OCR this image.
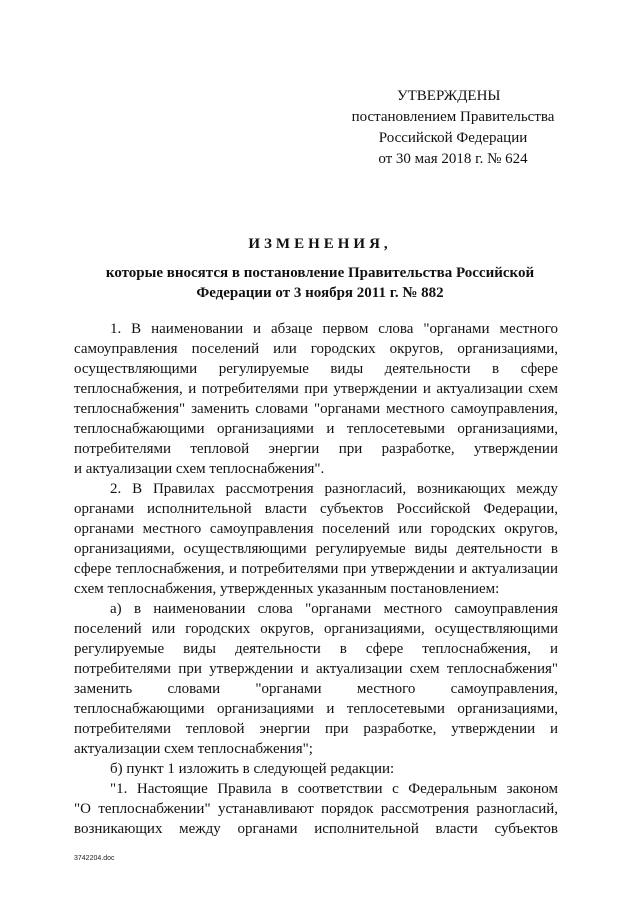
УТВЕРЖДЕНЫ
постановлением Правительства
Российской Федерации
от 30 мая 2018 г. № 624
ИЗМЕНЕНИЯ,
которые вносятся в постановление Правительства Российской
Федерации от 3 ноября 2011 г. № 882
1. В наименовании и абзаце первом слова "органами местного
самоуправления поселений или городских округов, организациями,
осуществляющими регулируемые виды деятельности в сфере
теплоснабжения, и потребителями при утверждении и актуализации схем
теплоснабжения" заменить словами "органами местного самоуправления,
теплоснабжающими организациями и теплосетевыми организациями,
потребителями тепловой энергии при разработке, утверждении
и актуализации схем теплоснабжения".
2. В Правилах рассмотрения разногласий, возникающих между
органами исполнительной власти субъектов Российской Федерации,
органами местного самоуправления поселений или городских округов,
организациями, осуществляющими регулируемые виды деятельности в
сфере теплоснабжения, и потребителями при утверждении и актуализации
схем теплоснабжения, утвержденных указанным постановлением:
а) в наименовании слова "органами местного самоуправления
поселений или городских округов, организациями, осуществляющими
регулируемые виды деятельности в сфере теплоснабжения, и
потребителями при утверждении и актуализации схем теплоснабжения"
заменить словами "органами местного самоуправления,
теплоснабжающими организациями и теплосетевыми организациями,
потребителями тепловой энергии при разработке, утверждении и
актуализации схем теплоснабжения";
б) пункт 1 изложить в следующей редакции:
"1. Настоящие Правила в соответствии с Федеральным законом
"О теплоснабжении" устанавливают порядок рассмотрения разногласий,
возникающих между органами исполнительной власти субъектов
3742204.doc
